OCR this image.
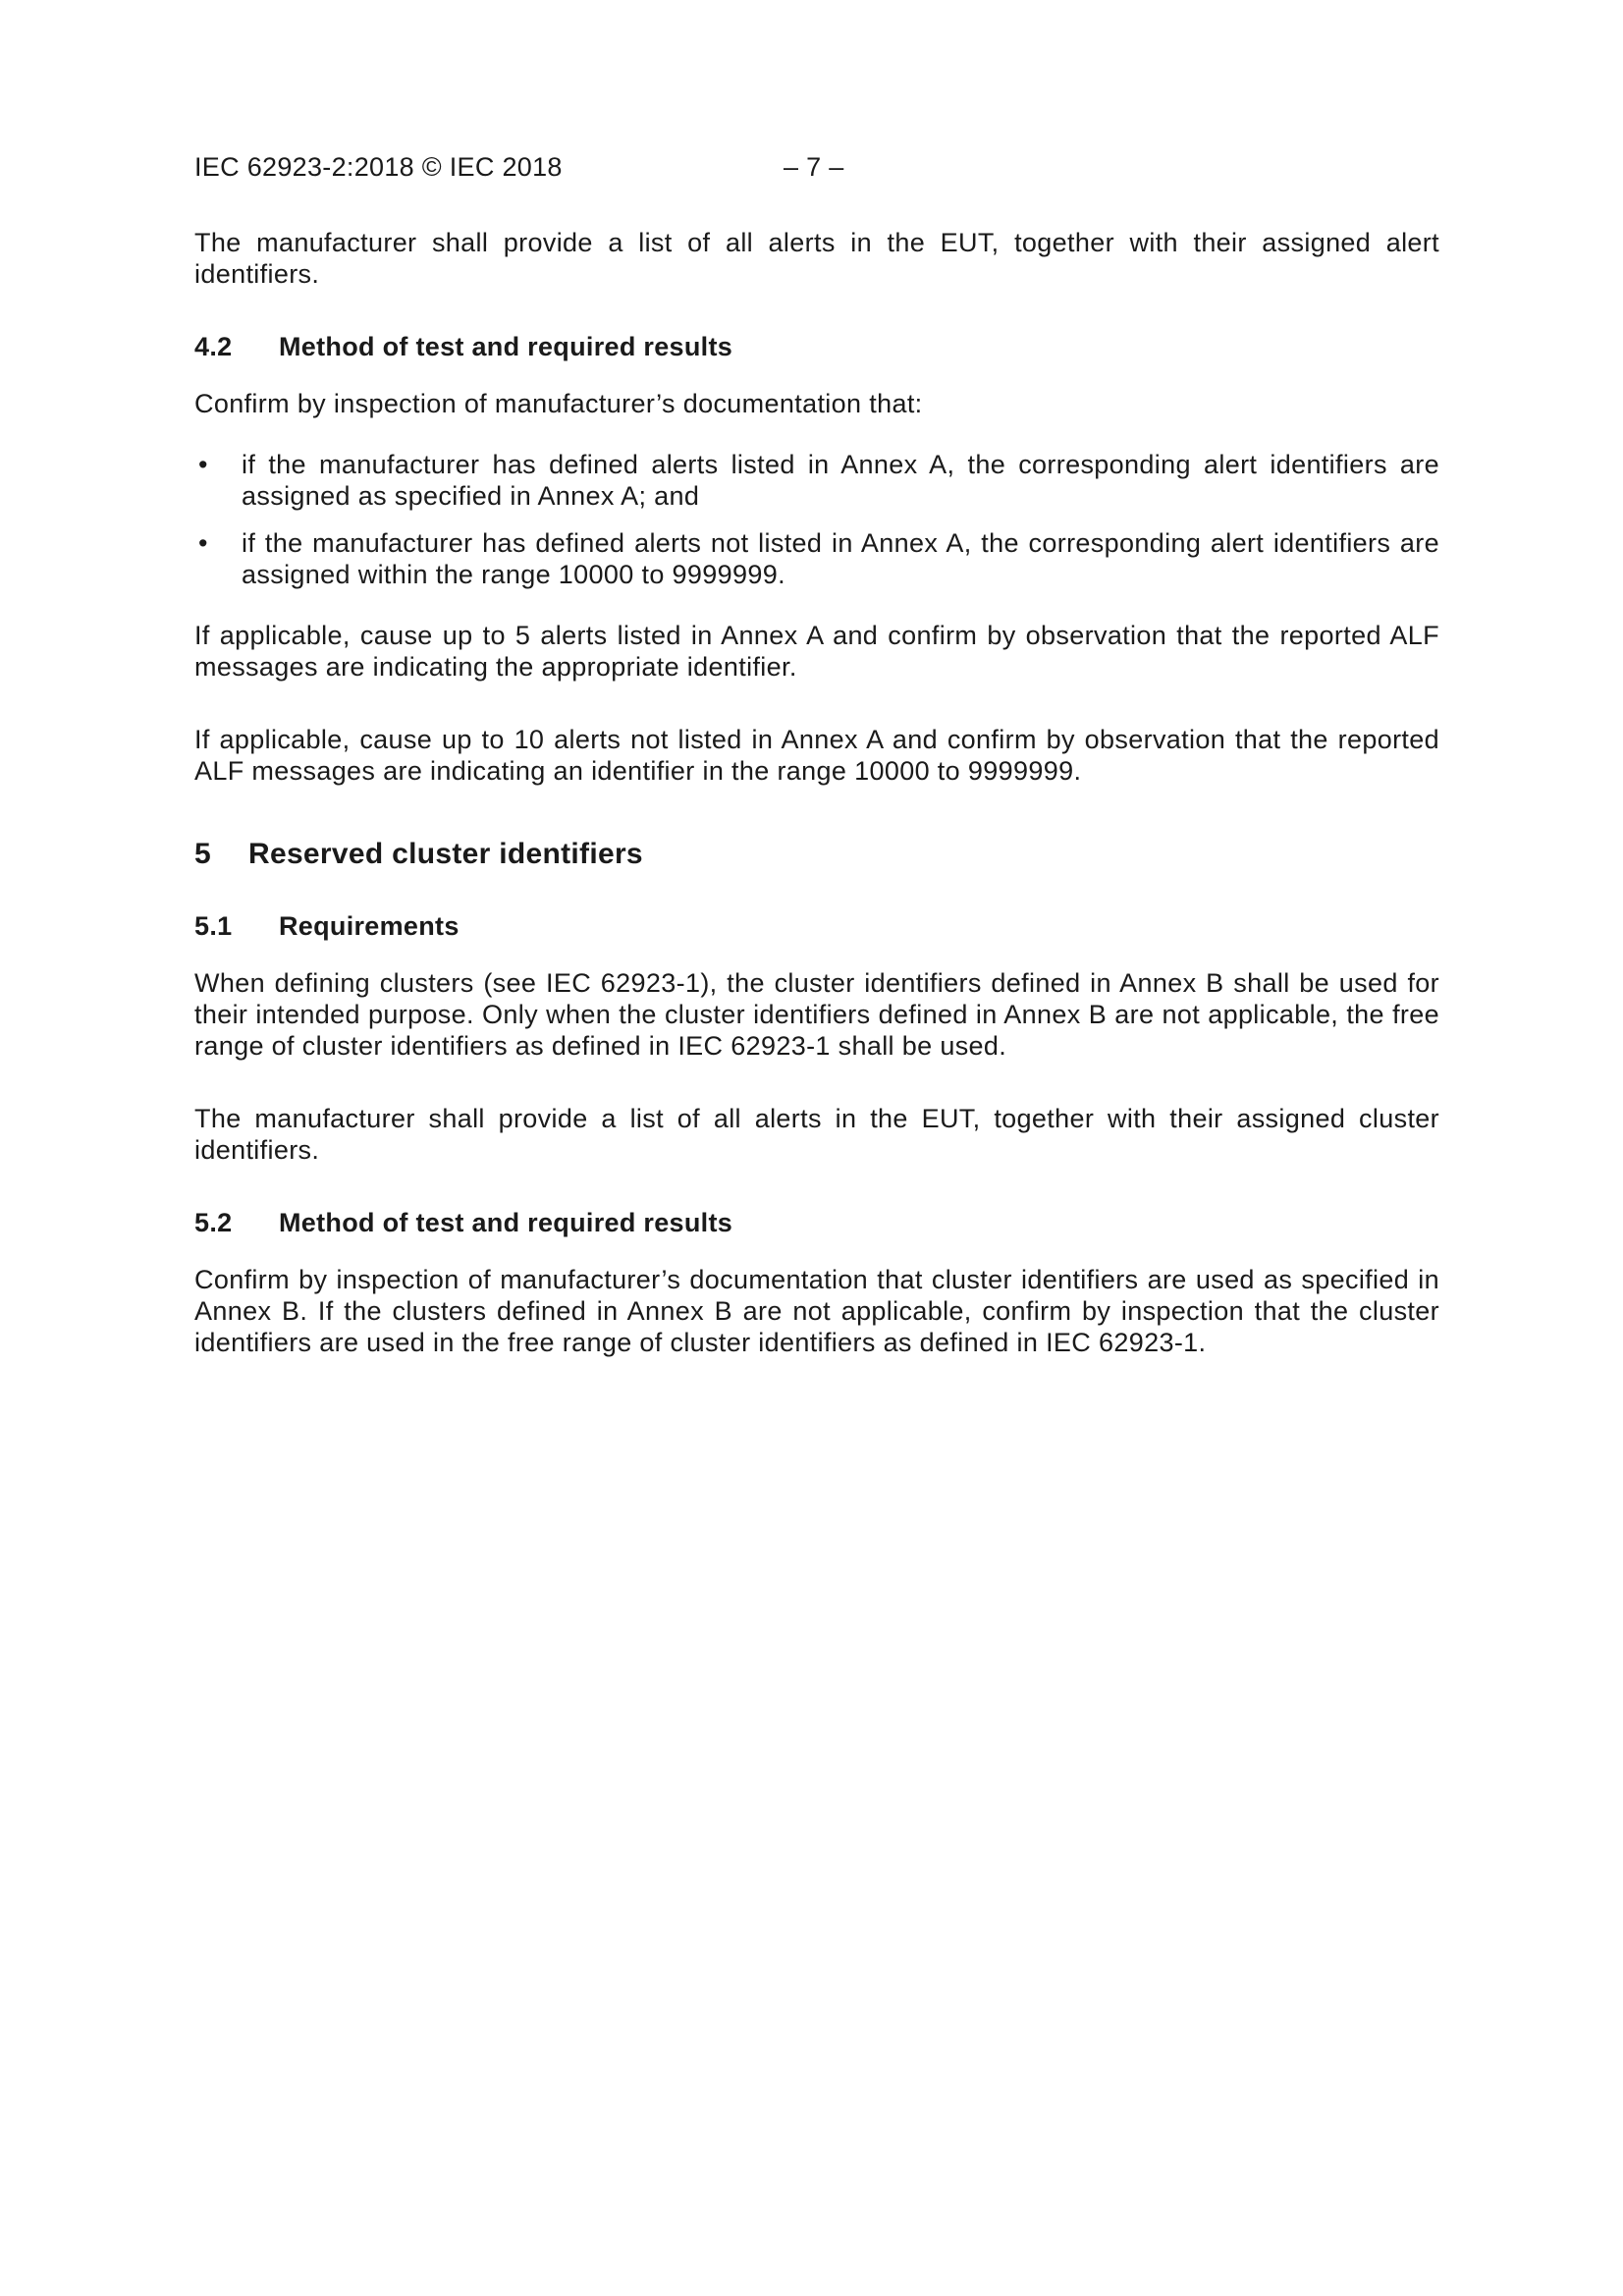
IEC 62923-2:2018 © IEC 2018	– 7 –

The manufacturer shall provide a list of all alerts in the EUT, together with their assigned alert identifiers.

4.2 Method of test and required results

Confirm by inspection of manufacturer’s documentation that:

• if the manufacturer has defined alerts listed in Annex A, the corresponding alert identifiers are assigned as specified in Annex A; and
• if the manufacturer has defined alerts not listed in Annex A, the corresponding alert identifiers are assigned within the range 10000 to 9999999.

If applicable, cause up to 5 alerts listed in Annex A and confirm by observation that the reported ALF messages are indicating the appropriate identifier.

If applicable, cause up to 10 alerts not listed in Annex A and confirm by observation that the reported ALF messages are indicating an identifier in the range 10000 to 9999999.

5 Reserved cluster identifiers
5.1 Requirements

When defining clusters (see IEC 62923-1), the cluster identifiers defined in Annex B shall be used for their intended purpose. Only when the cluster identifiers defined in Annex B are not applicable, the free range of cluster identifiers as defined in IEC 62923-1 shall be used.

The manufacturer shall provide a list of all alerts in the EUT, together with their assigned cluster identifiers.

5.2 Method of test and required results

Confirm by inspection of manufacturer’s documentation that cluster identifiers are used as specified in Annex B. If the clusters defined in Annex B are not applicable, confirm by inspection that the cluster identifiers are used in the free range of cluster identifiers as defined in IEC 62923-1.
